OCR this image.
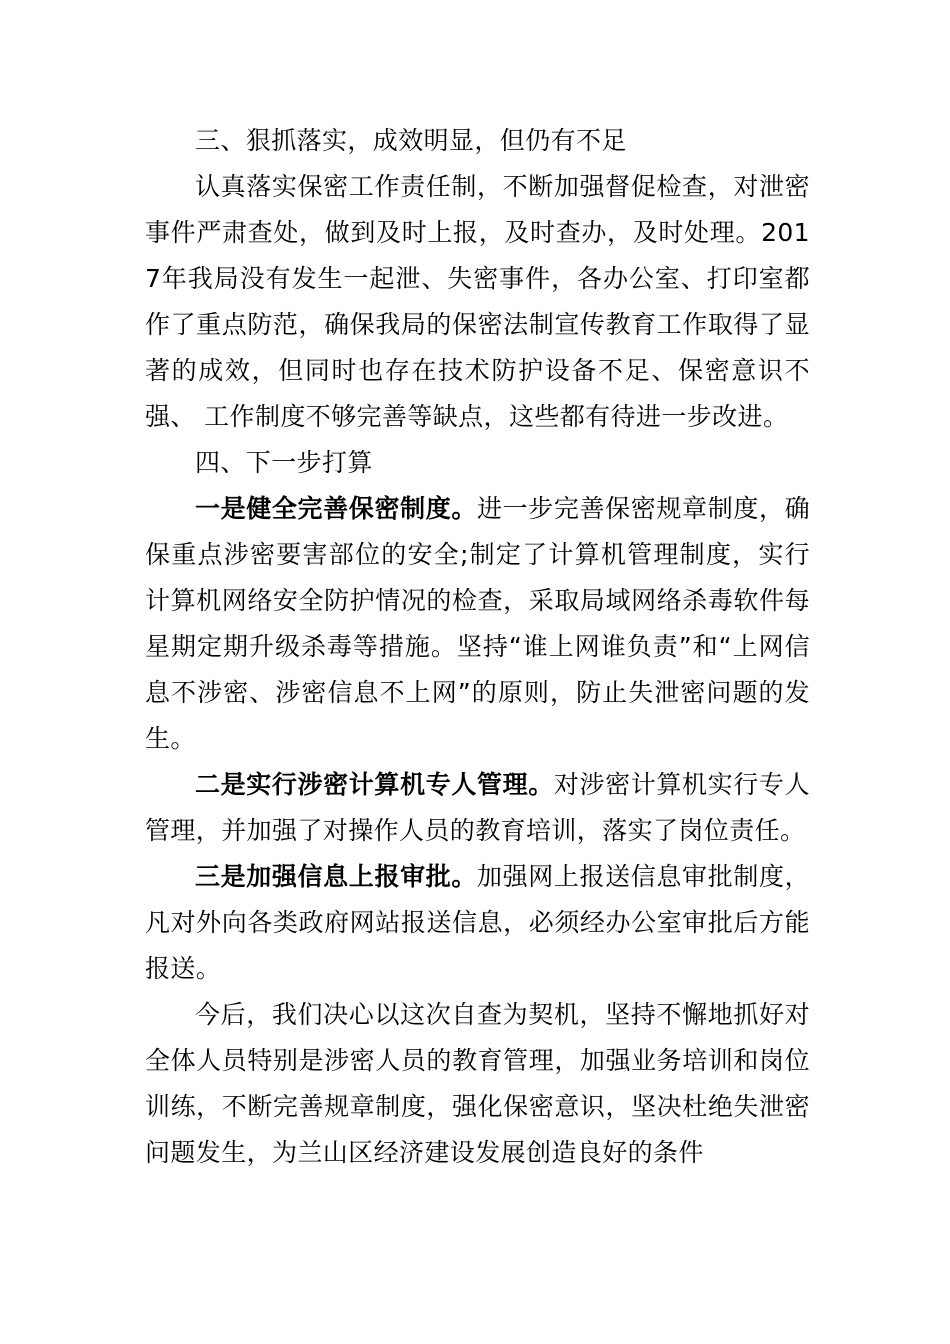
三、狠抓落实，成效明显，但仍有不足

认真落实保密工作责任制，不断加强督促检查，对泄密事件严肃查处，做到及时上报，及时查办，及时处理。2017年我局没有发生一起泄、失密事件，各办公室、打印室都作了重点防范，确保我局的保密法制宣传教育工作取得了显著的成效，但同时也存在技术防护设备不足、保密意识不强、 工作制度不够完善等缺点，这些都有待进一步改进。

四、下一步打算

一是健全完善保密制度。进一步完善保密规章制度，确保重点涉密要害部位的安全;制定了计算机管理制度，实行计算机网络安全防护情况的检查，采取局域网络杀毒软件每星期定期升级杀毒等措施。坚持“谁上网谁负责”和“上网信息不涉密、涉密信息不上网”的原则，防止失泄密问题的发生。

二是实行涉密计算机专人管理。对涉密计算机实行专人管理，并加强了对操作人员的教育培训，落实了岗位责任。

三是加强信息上报审批。加强网上报送信息审批制度， 凡对外向各类政府网站报送信息，必须经办公室审批后方能报送。

今后，我们决心以这次自查为契机，坚持不懈地抓好对全体人员特别是涉密人员的教育管理，加强业务培训和岗位训练，不断完善规章制度，强化保密意识，坚决杜绝失泄密问题发生，为兰山区经济建设发展创造良好的条件
